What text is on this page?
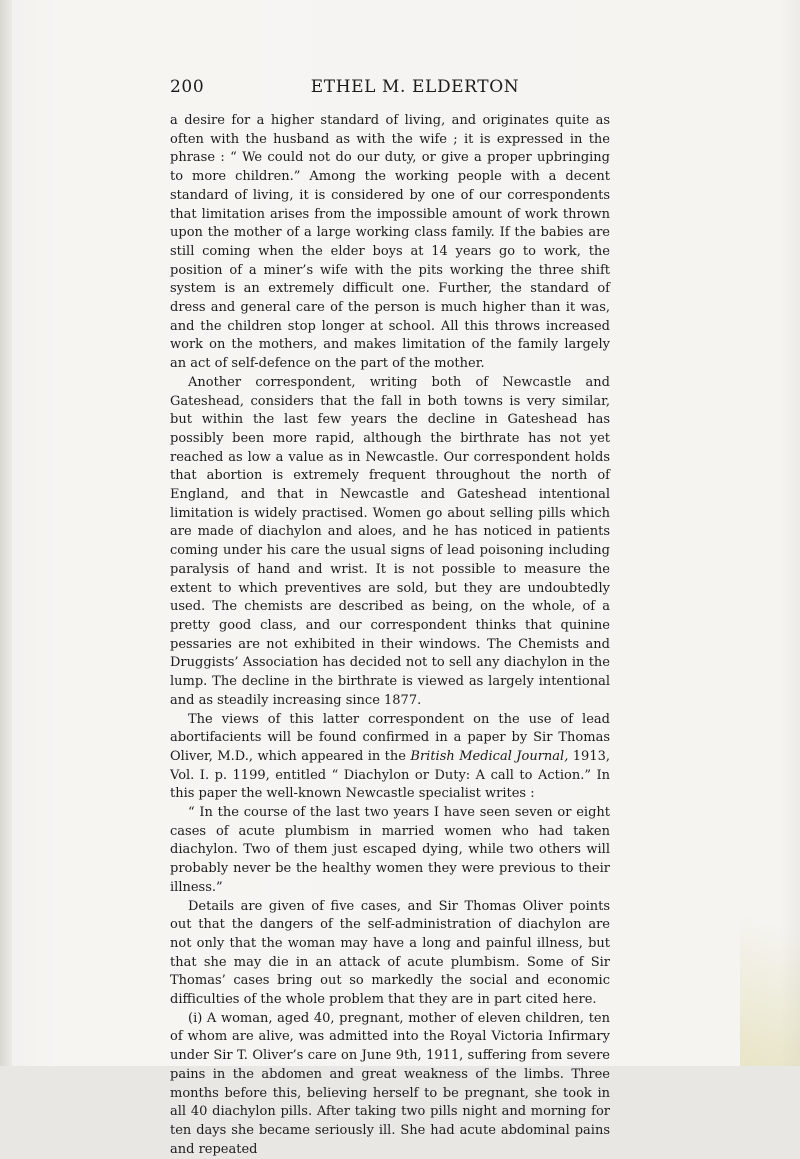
200	ETHEL M. ELDERTON

a desire for a higher standard of living, and originates quite as often with the husband as with the wife ; it is expressed in the phrase : “ We could not do our duty, or give a proper upbringing to more children.” Among the working people with a decent standard of living, it is considered by one of our correspondents that limitation arises from the impossible amount of work thrown upon the mother of a large working class family. If the babies are still coming when the elder boys at 14 years go to work, the position of a miner’s wife with the pits working the three shift system is an extremely difficult one. Further, the standard of dress and general care of the person is much higher than it was, and the children stop longer at school. All this throws increased work on the mothers, and makes limitation of the family largely an act of self-defence on the part of the mother.

Another correspondent, writing both of Newcastle and Gateshead, considers that the fall in both towns is very similar, but within the last few years the decline in Gateshead has possibly been more rapid, although the birthrate has not yet reached as low a value as in Newcastle. Our correspondent holds that abortion is extremely frequent throughout the north of England, and that in Newcastle and Gateshead intentional limitation is widely practised. Women go about selling pills which are made of diachylon and aloes, and he has noticed in patients coming under his care the usual signs of lead poisoning including paralysis of hand and wrist. It is not possible to measure the extent to which preventives are sold, but they are undoubtedly used. The chemists are described as being, on the whole, of a pretty good class, and our correspondent thinks that quinine pessaries are not exhibited in their windows. The Chemists and Druggists’ Association has decided not to sell any diachylon in the lump. The decline in the birthrate is viewed as largely intentional and as steadily increasing since 1877.

The views of this latter correspondent on the use of lead abortifacients will be found confirmed in a paper by Sir Thomas Oliver, M.D., which appeared in the British Medical Journal, 1913, Vol. I. p. 1199, entitled “ Diachylon or Duty: A call to Action.” In this paper the well-known Newcastle specialist writes :

“ In the course of the last two years I have seen seven or eight cases of acute plumbism in married women who had taken diachylon. Two of them just escaped dying, while two others will probably never be the healthy women they were previous to their illness.”

Details are given of five cases, and Sir Thomas Oliver points out that the dangers of the self-administration of diachylon are not only that the woman may have a long and painful illness, but that she may die in an attack of acute plumbism. Some of Sir Thomas’ cases bring out so markedly the social and economic difficulties of the whole problem that they are in part cited here.

(i) A woman, aged 40, pregnant, mother of eleven children, ten of whom are alive, was admitted into the Royal Victoria Infirmary under Sir T. Oliver’s care on June 9th, 1911, suffering from severe pains in the abdomen and great weakness of the limbs. Three months before this, believing herself to be pregnant, she took in all 40 diachylon pills. After taking two pills night and morning for ten days she became seriously ill. She had acute abdominal pains and repeated
